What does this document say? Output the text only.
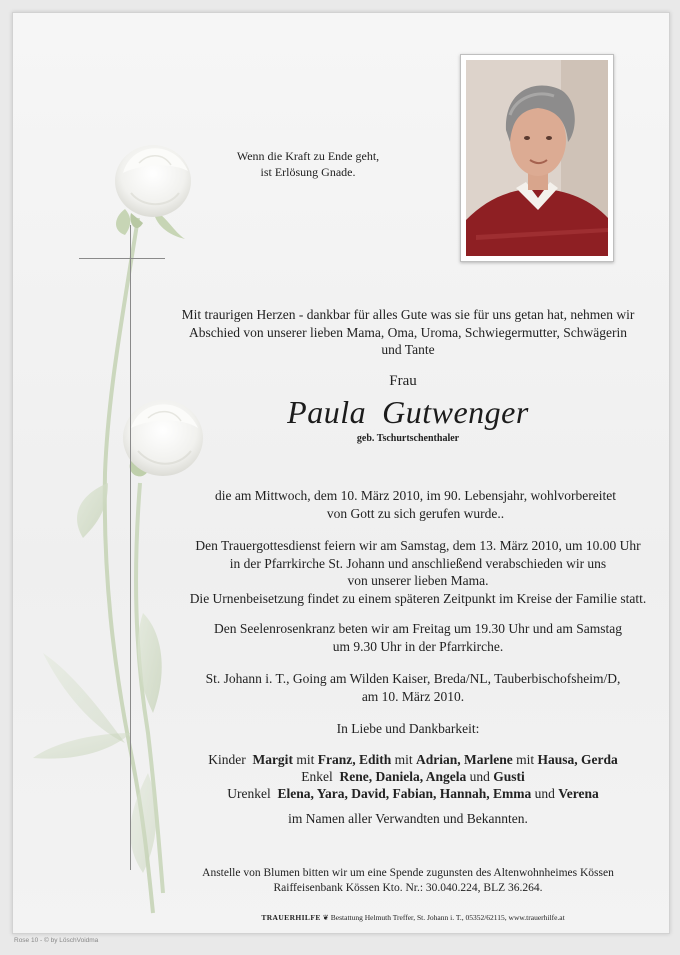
Wenn die Kraft zu Ende geht,
ist Erlösung Gnade.
Mit traurigen Herzen - dankbar für alles Gute was sie für uns getan hat, nehmen wir
Abschied von unserer lieben Mama, Oma, Uroma, Schwiegermutter, Schwägerin
und Tante
Frau
Paula Gutwenger
geb. Tschurtschenthaler
die am Mittwoch, dem 10. März 2010, im 90. Lebensjahr, wohlvorbereitet
von Gott zu sich gerufen wurde..
Den Trauergottesdienst feiern wir am Samstag, dem 13. März 2010, um 10.00 Uhr
in der Pfarrkirche St. Johann und anschließend verabschieden wir uns
von unserer lieben Mama.
Die Urnenbeisetzung findet zu einem späteren Zeitpunkt im Kreise der Familie statt.
Den Seelenrosenkranz beten wir am Freitag um 19.30 Uhr und am Samstag
um 9.30 Uhr in der Pfarrkirche.
St. Johann i. T., Going am Wilden Kaiser, Breda/NL, Tauberbischofsheim/D,
am 10. März 2010.
In Liebe und Dankbarkeit:
Kinder Margit mit Franz, Edith mit Adrian, Marlene mit Hausa, Gerda
Enkel Rene, Daniela, Angela und Gusti
Urenkel Elena, Yara, David, Fabian, Hannah, Emma und Verena
im Namen aller Verwandten und Bekannten.
Anstelle von Blumen bitten wir um eine Spende zugunsten des Altenwohnheimes Kössen
Raiffeisenbank Kössen Kto. Nr.: 30.040.224, BLZ 36.264.
TRAUERHILFE ❦ Bestattung Helmuth Treffer, St. Johann i. T., 05352/62115, www.trauerhilfe.at
Rose 10 - © by LöschVoidma
